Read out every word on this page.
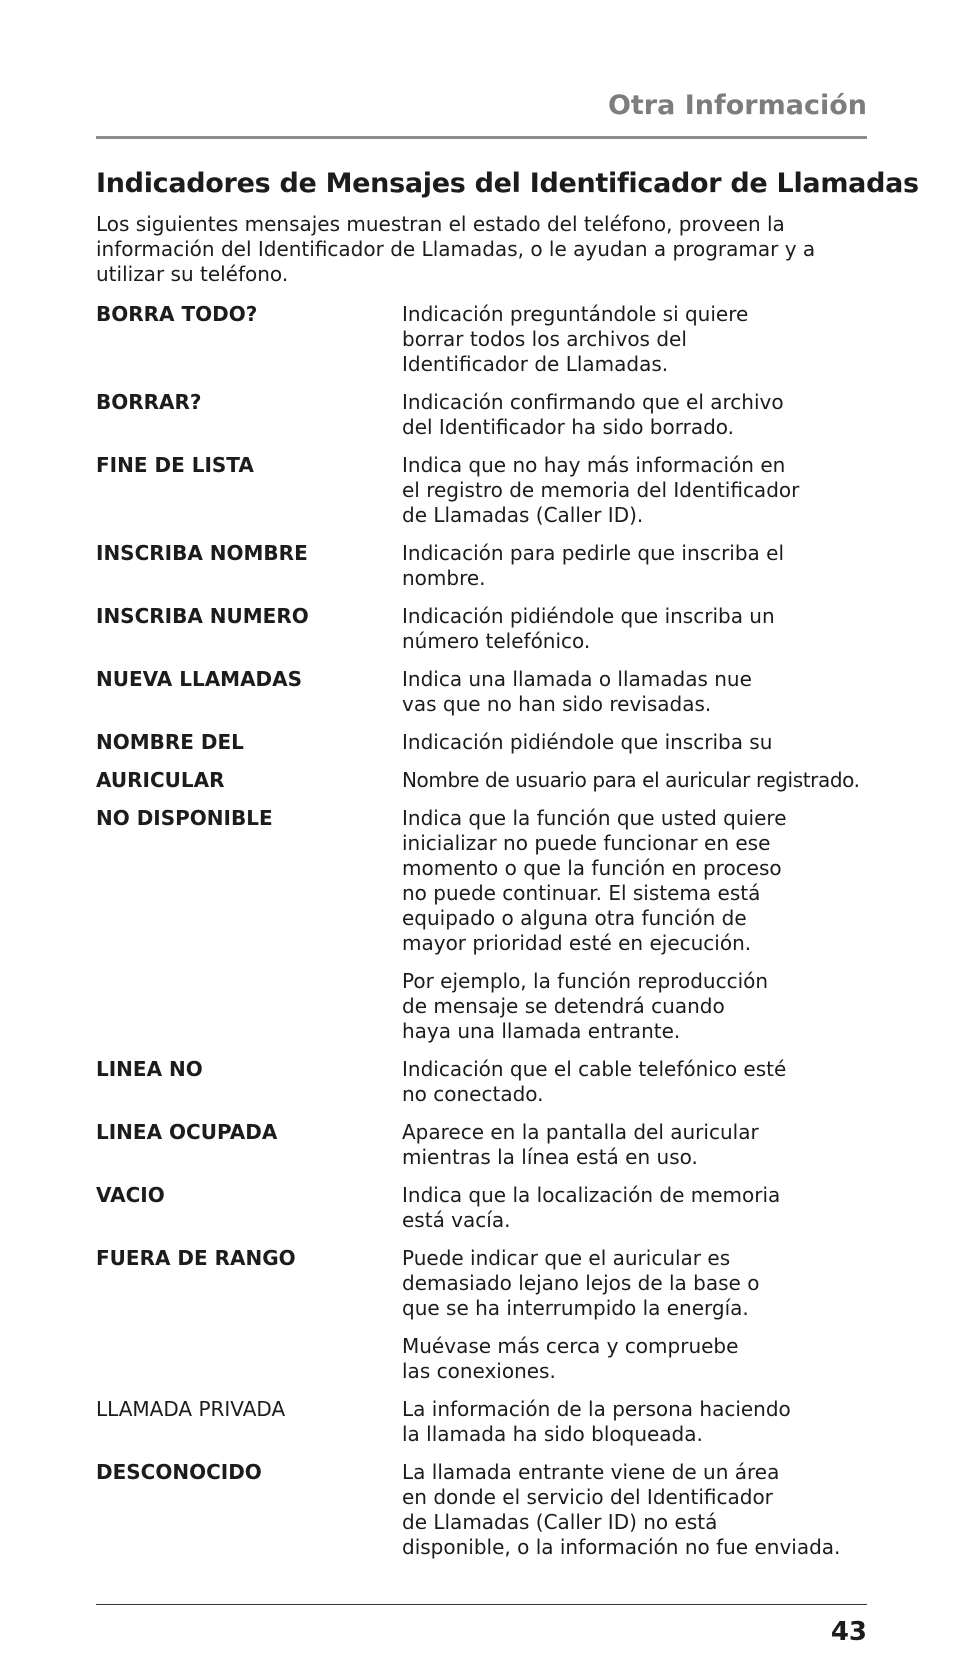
Otra Información
Indicadores de Mensajes del Identificador de Llamadas

Los siguientes mensajes muestran el estado del teléfono, proveen la información del Identificador de Llamadas, o le ayudan a programar y a utilizar su teléfono.

BORRA TODO?	Indicación preguntándole si quiere
borrar todos los archivos del
Identificador de Llamadas.
BORRAR?	Indicación confirmando que el archivo
del Identificador ha sido borrado.
FINE DE LISTA	Indica que no hay más información en
el registro de memoria del Identificador
de Llamadas (Caller ID).
INSCRIBA NOMBRE	Indicación para pedirle que inscriba el
nombre.
INSCRIBA NUMERO	Indicación pidiéndole que inscriba un
número telefónico.
NUEVA LLAMADAS	Indica una llamada o llamadas nue
vas que no han sido revisadas.
NOMBRE DEL	Indicación pidiéndole que inscriba su
AURICULAR	Nombre de usuario para el auricular registrado.
NO DISPONIBLE	Indica que la función que usted quiere
inicializar no puede funcionar en ese
momento o que la función en proceso
no puede continuar. El sistema está
equipado o alguna otra función de
mayor prioridad esté en ejecución.
Por ejemplo, la función reproducción
de mensaje se detendrá cuando
haya una llamada entrante.
LINEA NO	Indicación que el cable telefónico esté
no conectado.
LINEA OCUPADA	Aparece en la pantalla del auricular
mientras la línea está en uso.
VACIO	Indica que la localización de memoria
está vacía.
FUERA DE RANGO	Puede indicar que el auricular es
demasiado lejano lejos de la base o
que se ha interrumpido la energía.
Muévase más cerca y compruebe
las conexiones.
LLAMADA PRIVADA	La información de la persona haciendo
la llamada ha sido bloqueada.
DESCONOCIDO	La llamada entrante viene de un área
en donde el servicio del Identificador
de Llamadas (Caller ID) no está
disponible, o la información no fue enviada.
43
